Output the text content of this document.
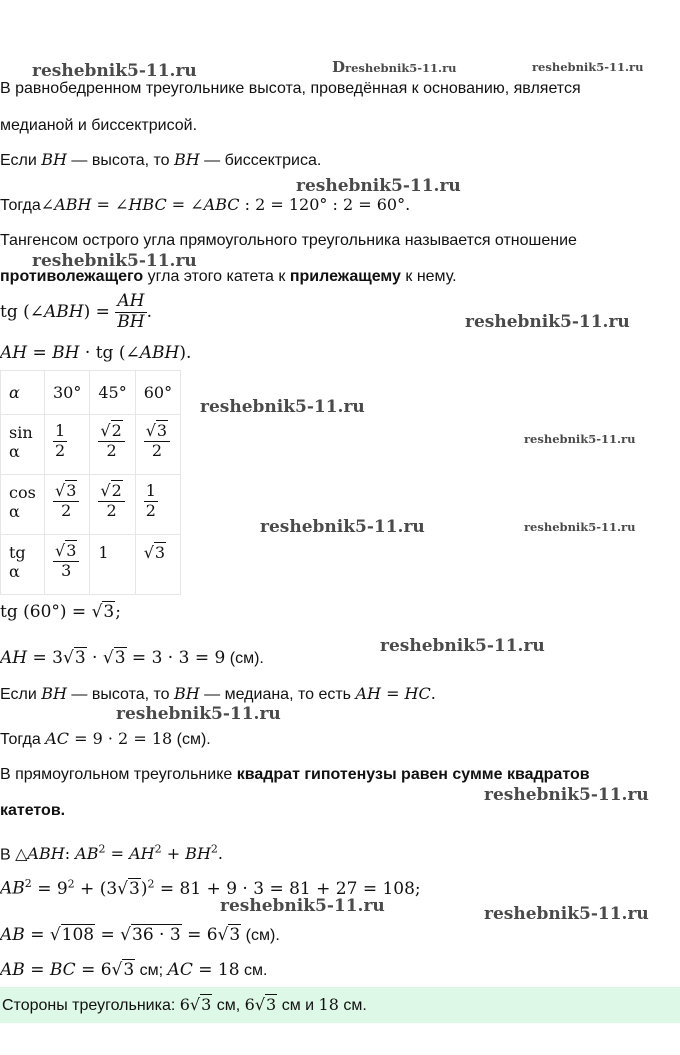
reshebnik5-11.ru	Dreshebnik5-11.ru	reshebnik5-11.ru
reshebnik5-11.ru
reshebnik5-11.ru
reshebnik5-11.ru
reshebnik5-11.ru
reshebnik5-11.ru
reshebnik5-11.ru	reshebnik5-11.ru
reshebnik5-11.ru
reshebnik5-11.ru
reshebnik5-11.ru
reshebnik5-11.ru	reshebnik5-11.ru
В равнобедренном треугольнике высота, проведённая к основанию, является
медианой и биссектрисой.
Если BH — высота, то BH — биссектриса.
Тогда∠ABH = ∠HBC = ∠ABC : 2 = 120° : 2 = 60°.
Тангенсом острого угла прямоугольного треугольника называется отношение
противолежащего угла этого катета к прилежащему к нему.
tg (∠ABH) = $\frac{AH}{BH}$ .
AH = BH · tg (∠ABH).
α	30°	45°	60°
sin α	$\frac{1}{2}$	$\frac{√2}{2}$	$\frac{√3}{2}$

cos α	$\frac{√3}{2}$	$\frac{√2}{2}$	$\frac{1}{2}$

tg α	$\frac{√3}{3}$	1	√3
tg (60°) = √3;
AH = 3√3 · √3 = 3 · 3 = 9 (см).
Если BH — высота, то BH — медиана, то есть AH = HC.
Тогда AC = 9 · 2 = 18 (см).
В прямоугольном треугольнике квадрат гипотенузы равен сумме квадратов
катетов.
В △ABH: $AB^2 = AH^2 + BH^2$.
$AB^2 = 9^2 + (3√3)^2 = 81 + 9 \cdot 3 = 81 + 27 = 108$;
AB = √108 = √36 · 3 = 6√3 (см).
AB = BC = 6√3 см; AC = 18 см.
Стороны треугольника: 6√3 см, 6√3 см и 18 см.
